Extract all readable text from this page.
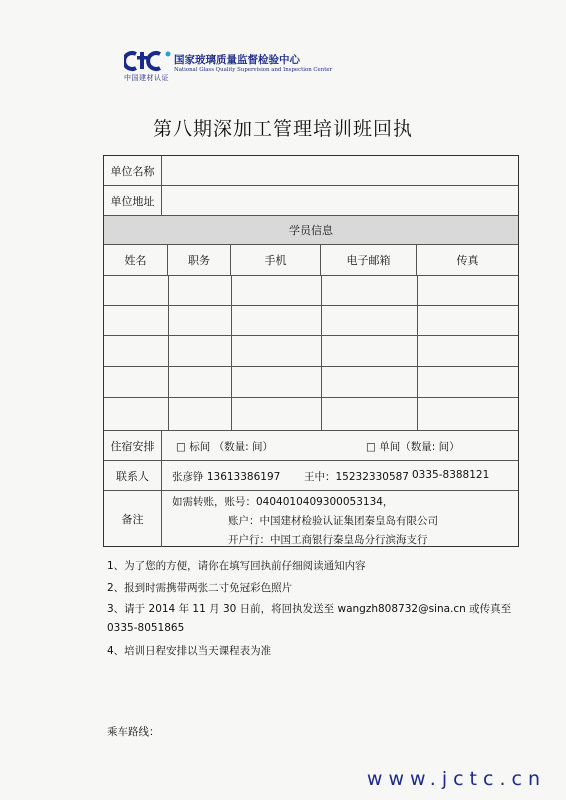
中国建材认证
国家玻璃质量监督检验中心
National Glass Quality Supervision and Inspection Center
第八期深加工管理培训班回执
单位名称
单位地址
学员信息
姓名	职务	手机	电子邮箱	传真
住宿安排	□ 标间 （数量: 间）	□ 单间（数量: 间）
联系人	张彦铮 13613386197 王中：15232330587 0335-8388121
备注
如需转账，账号：0404010409300053134，
账户：中国建材检验认证集团秦皇岛有限公司
开户行：中国工商银行秦皇岛分行滨海支行
1、为了您的方便，请你在填写回执前仔细阅读通知内容
2、报到时需携带两张二寸免冠彩色照片
3、请于 2014 年 11 月 30 日前，将回执发送至 wangzh808732@sina.cn 或传真至
0335-8051865
4、培训日程安排以当天课程表为准
乘车路线：
www.jctc.cn
